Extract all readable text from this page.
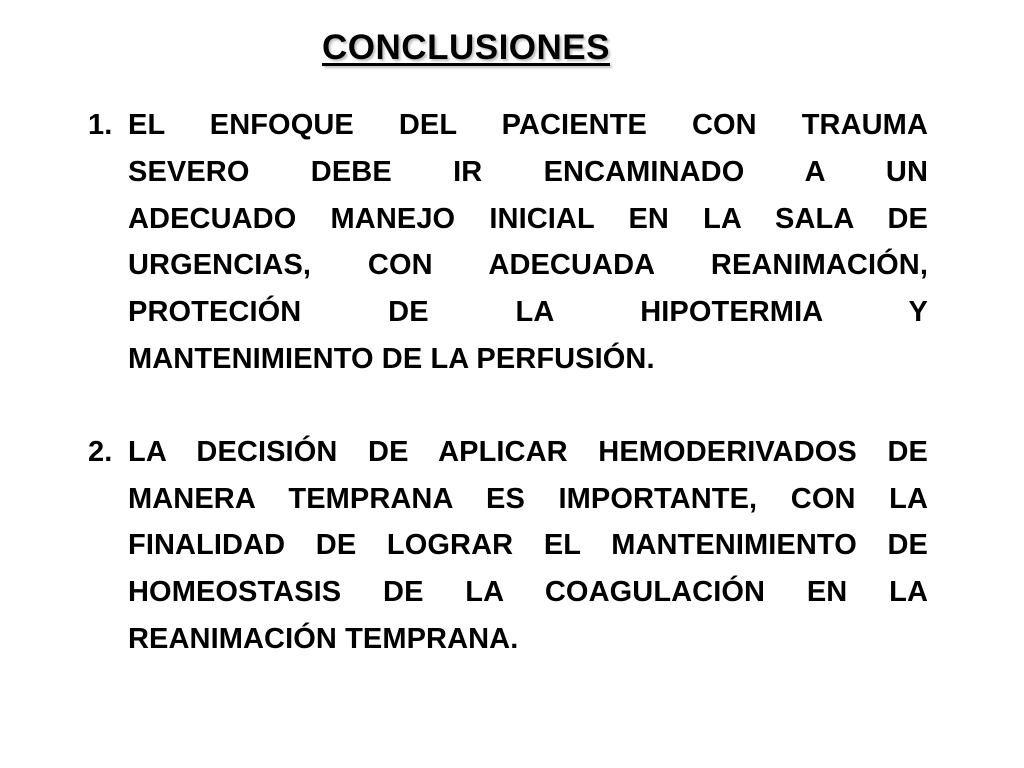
CONCLUSIONES
1. EL ENFOQUE DEL PACIENTE CON TRAUMA
SEVERO DEBE IR ENCAMINADO A UN
ADECUADO MANEJO INICIAL EN LA SALA DE
URGENCIAS, CON ADECUADA REANIMACIÓN,
PROTECIÓN DE LA HIPOTERMIA Y
MANTENIMIENTO DE LA PERFUSIÓN.
2. LA DECISIÓN DE APLICAR HEMODERIVADOS DE
MANERA TEMPRANA ES IMPORTANTE, CON LA
FINALIDAD DE LOGRAR EL MANTENIMIENTO DE
HOMEOSTASIS DE LA COAGULACIÓN EN LA
REANIMACIÓN TEMPRANA.
